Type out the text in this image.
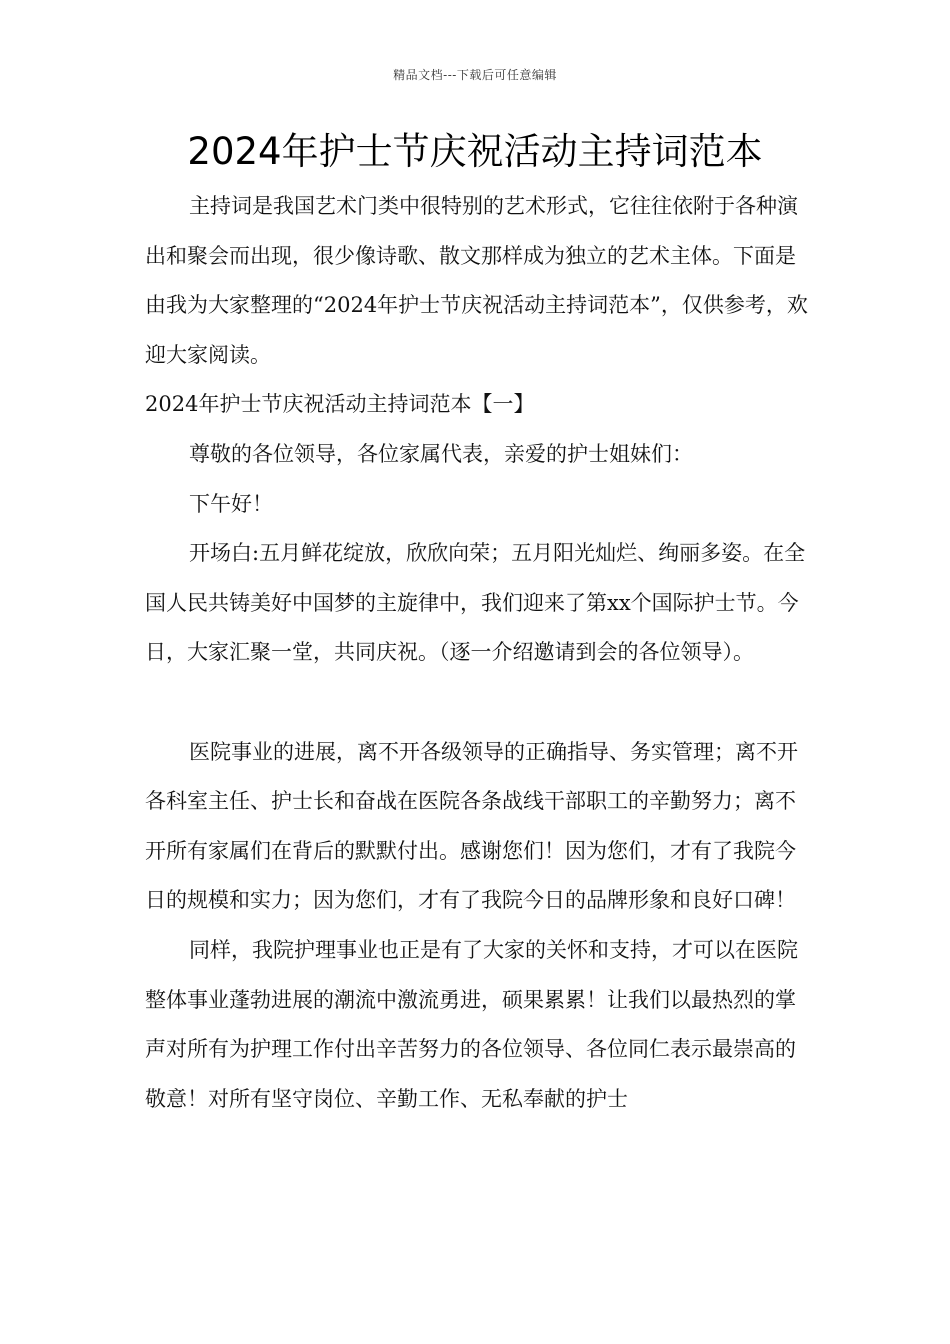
精品文档---下载后可任意编辑
2024年护士节庆祝活动主持词范本

主持词是我国艺术门类中很特别的艺术形式，它往往依附于各种演出和聚会而出现，很少像诗歌、散文那样成为独立的艺术主体。下面是由我为大家整理的“2024年护士节庆祝活动主持词范本”，仅供参考，欢迎大家阅读。

2024年护士节庆祝活动主持词范本【一】

尊敬的各位领导，各位家属代表，亲爱的护士姐妹们：

下午好！

开场白:五月鲜花绽放，欣欣向荣；五月阳光灿烂、绚丽多姿。在全国人民共铸美好中国梦的主旋律中，我们迎来了第xx个国际护士节。今日，大家汇聚一堂，共同庆祝。（逐一介绍邀请到会的各位领导）。

医院事业的进展，离不开各级领导的正确指导、务实管理；离不开各科室主任、护士长和奋战在医院各条战线干部职工的辛勤努力；离不开所有家属们在背后的默默付出。感谢您们！因为您们，才有了我院今日的规模和实力；因为您们，才有了我院今日的品牌形象和良好口碑！

同样，我院护理事业也正是有了大家的关怀和支持，才可以在医院整体事业蓬勃进展的潮流中激流勇进，硕果累累！让我们以最热烈的掌声对所有为护理工作付出辛苦努力的各位领导、各位同仁表示最崇高的敬意！对所有坚守岗位、辛勤工作、无私奉献的护士
